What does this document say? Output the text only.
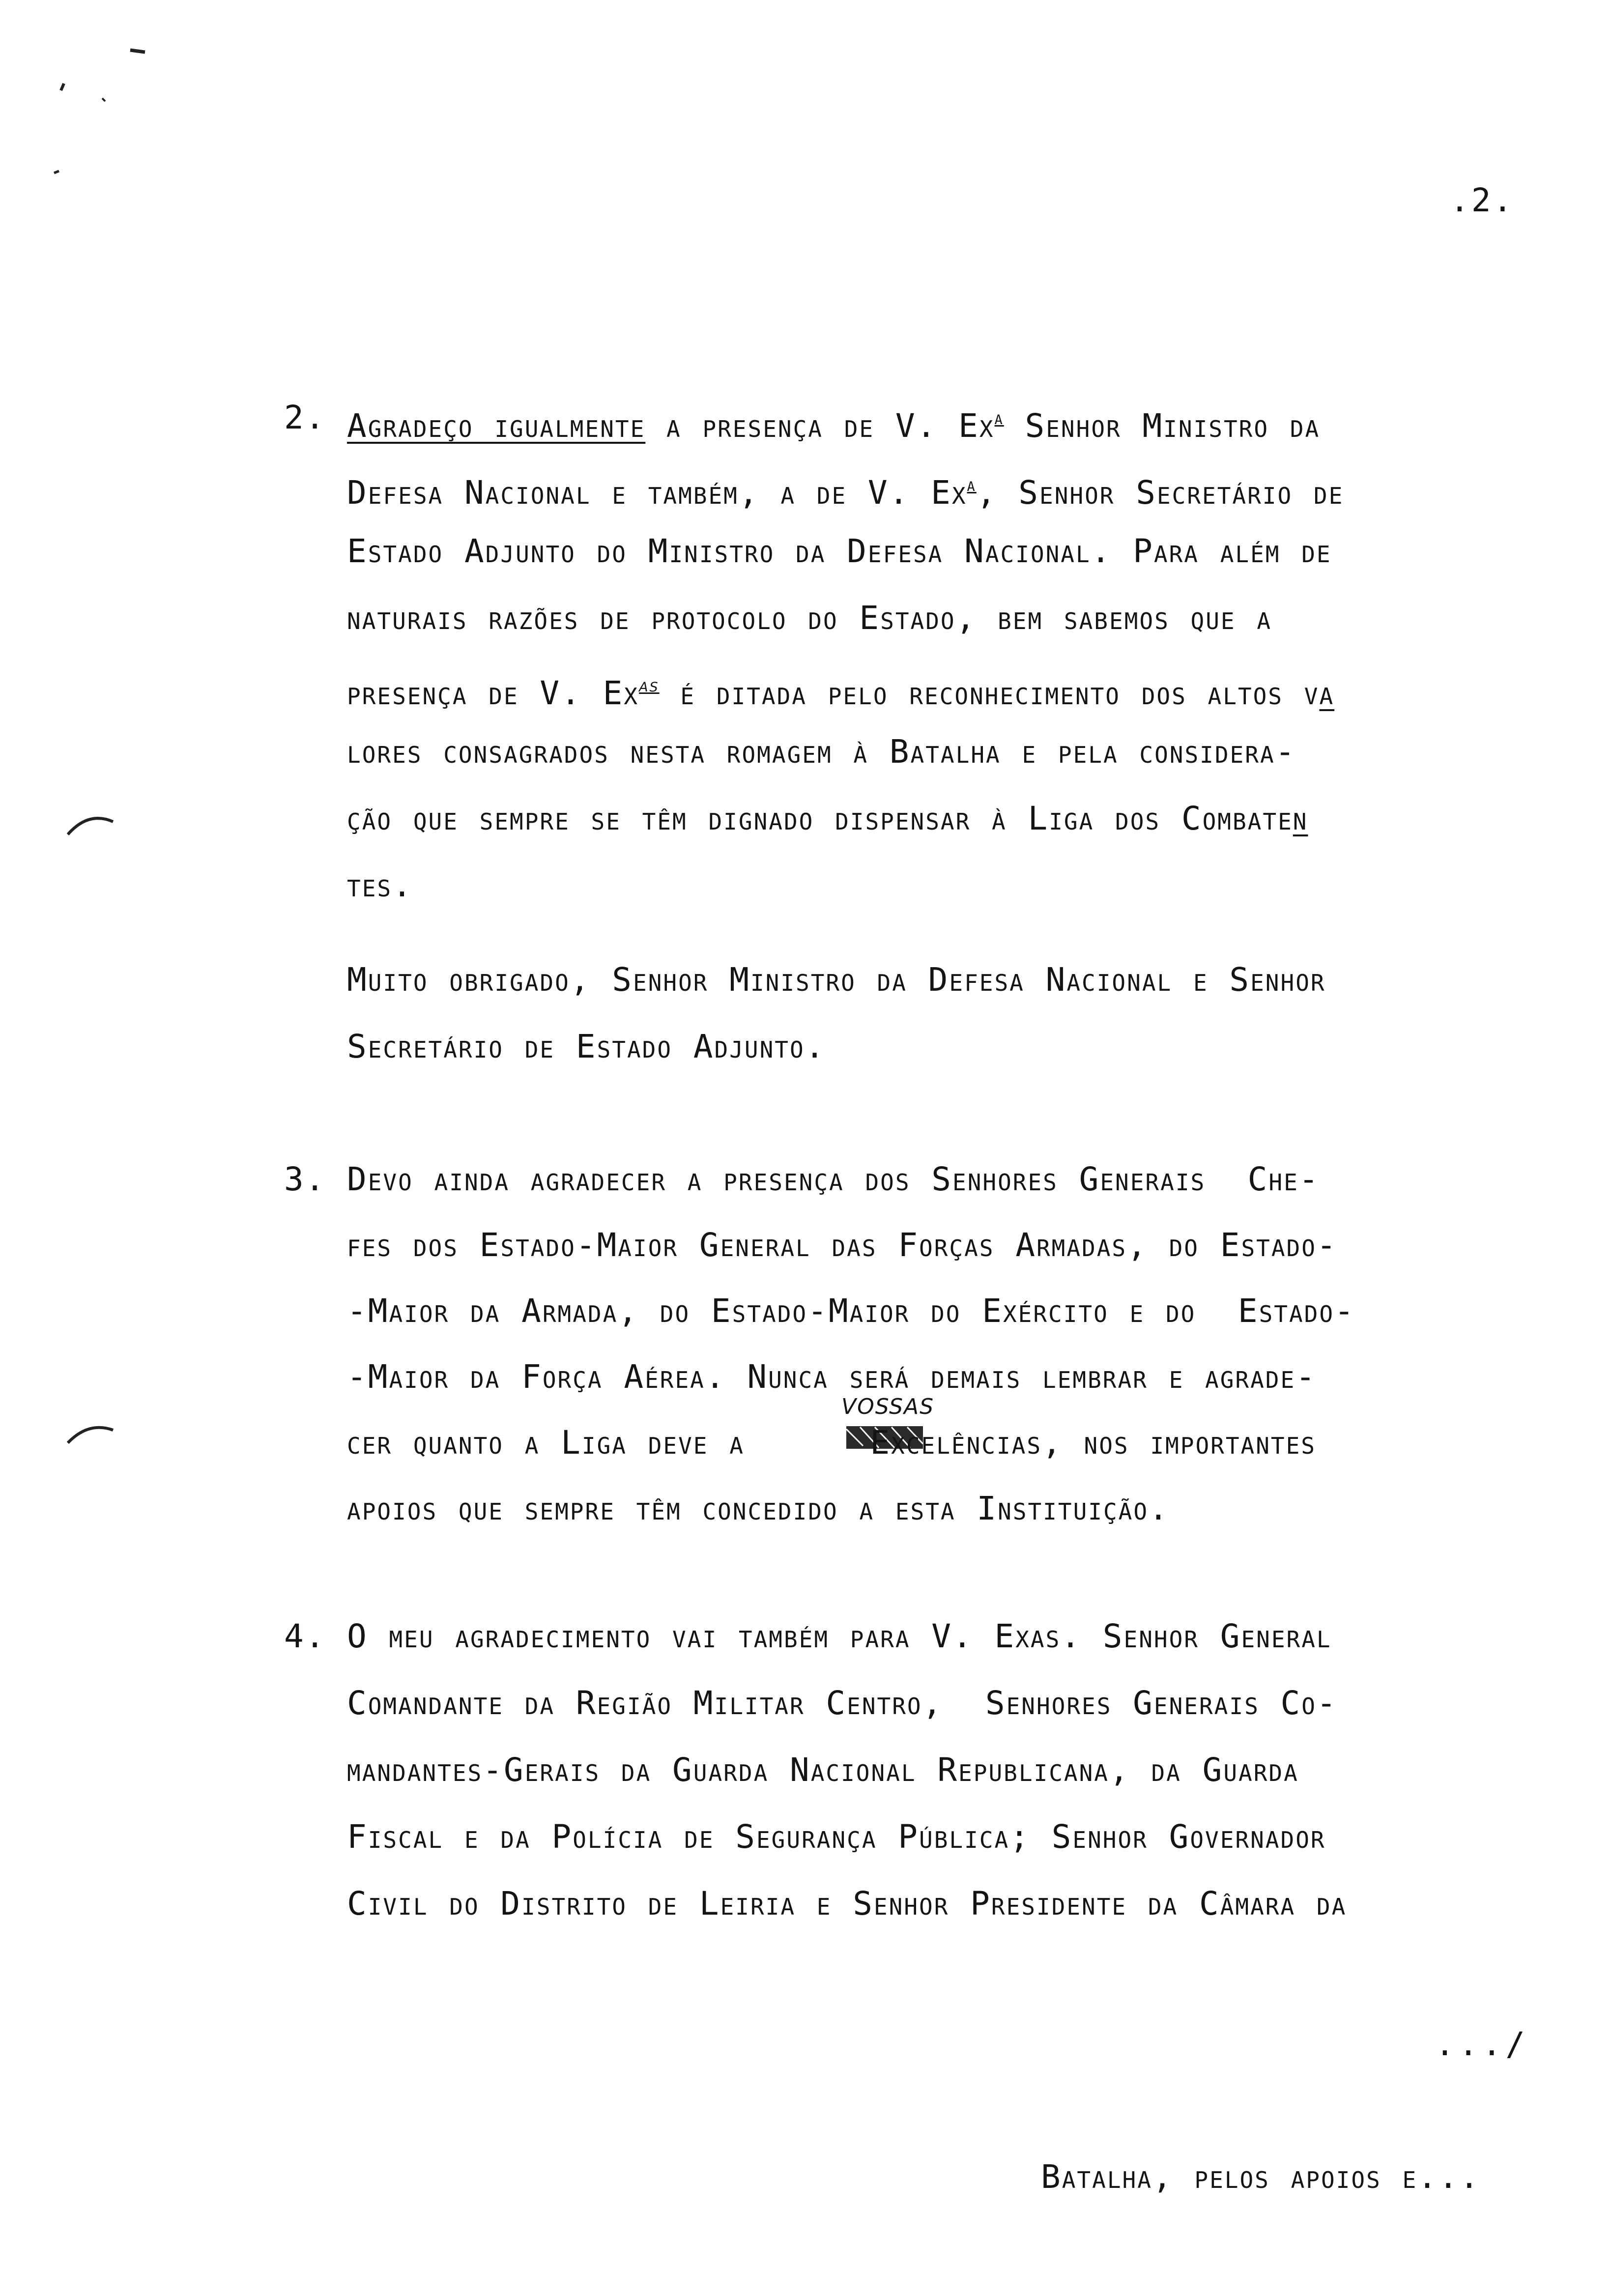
.2.
2. Agradeço igualmente a presença de V. Ex$^a$ Senhor Ministro da
Defesa Nacional e também, a de V. Ex$^a$, Senhor Secretário de
Estado Adjunto do Ministro da Defesa Nacional. Para além de
naturais razões de protocolo do Estado, bem sabemos que a
presença de V. $Ex^{as}$ é ditada pelo reconhecimento dos altos va
lores consagrados nesta romagem à Batalha e pela considera-
ção que sempre se têm dignado dispensar à Liga dos Combaten
tes.
Muito obrigado, Senhor Ministro da Defesa Nacional e Senhor
Secretário de Estado Adjunto.
3. Devo ainda agradecer a presença dos Senhores Generais  Che-
fes dos Estado-Maior General das Forças Armadas, do Estado-
-Maior da Armada, do Estado-Maior do Exército e do  Estado-
-Maior da Força Aérea. Nunca será demais lembrar e agrade-
VOSSAS
cer quanto a Liga deve a	Excelências, nos importantes
apoios que sempre têm concedido a esta Instituição.
4. O meu agradecimento vai também para V. Exas. Senhor General
Comandante da Região Militar Centro,  Senhores Generais Co-
mandantes-Gerais da Guarda Nacional Republicana, da Guarda
Fiscal e da Polícia de Segurança Pública; Senhor Governador
Civil do Distrito de Leiria e Senhor Presidente da Câmara da
.../
Batalha, pelos apoios e...
